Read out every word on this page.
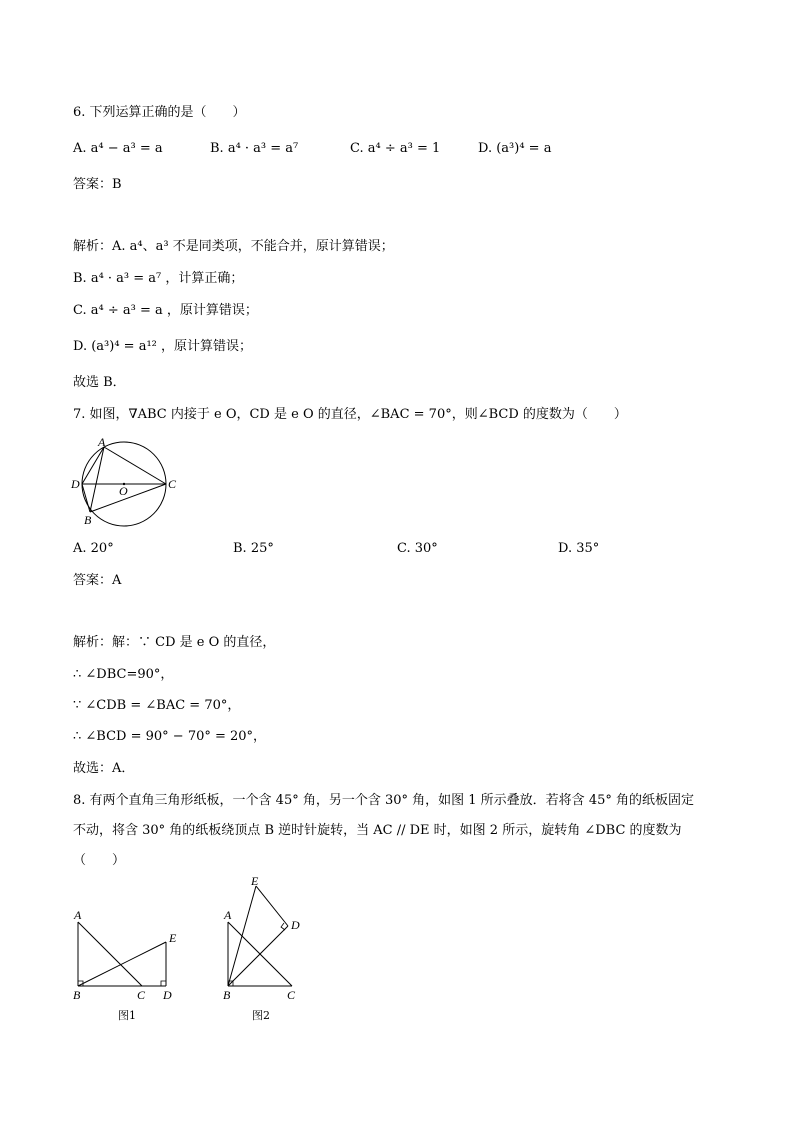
6. 下列运算正确的是（　　）
A. a⁴ − a³ = a	B. a⁴ · a³ = a⁷	C. a⁴ ÷ a³ = 1	D. (a³)⁴ = a
答案：B
解析：A. a⁴、a³ 不是同类项，不能合并，原计算错误；
B. a⁴ · a³ = a⁷ ，计算正确；
C. a⁴ ÷ a³ = a ，原计算错误；
D. (a³)⁴ = a¹² ，原计算错误；
故选 B．
7. 如图，∇ABC 内接于 e O，CD 是 e O 的直径，∠BAC = 70°，则∠BCD 的度数为（　　）
A
D	O	C
B
A. 20°	B. 25°	C. 30°	D. 35°
答案：A
解析：解：∵ CD 是 e O 的直径，
∴ ∠DBC=90°，
∵ ∠CDB = ∠BAC = 70°，
∴ ∠BCD = 90° − 70° = 20°，
故选：A．
8. 有两个直角三角形纸板，一个含 45° 角，另一个含 30° 角，如图 1 所示叠放．若将含 45° 角的纸板固定
不动，将含 30° 角的纸板绕顶点 B 逆时针旋转，当 AC // DE 时，如图 2 所示，旋转角 ∠DBC 的度数为
（　　）
A
E
B	C D
图1
E
A
D
B	C
图2
